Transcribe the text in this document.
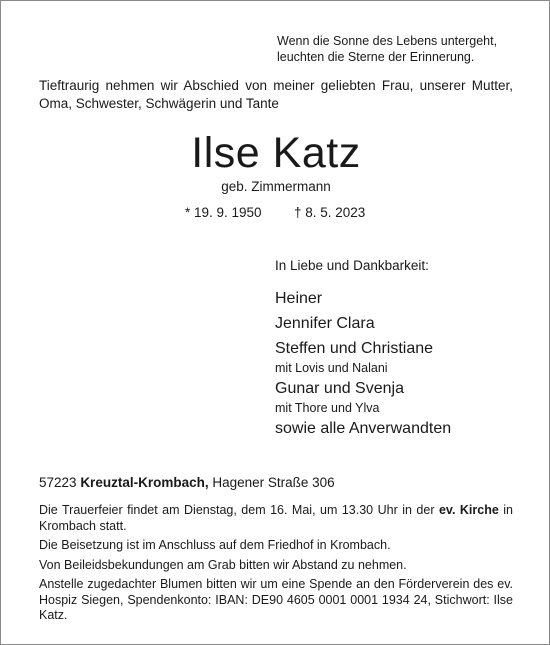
Wenn die Sonne des Lebens untergeht,
leuchten die Sterne der Erinnerung.

Tieftraurig nehmen wir Abschied von meiner geliebten Frau, unserer Mutter, Oma, Schwester, Schwägerin und Tante

Ilse Katz
geb. Zimmermann
* 19. 9. 1950 † 8. 5. 2023
In Liebe und Dankbarkeit:

Heiner

Jennifer Clara

Steffen und Christiane

mit Lovis und Nalani

Gunar und Svenja

mit Thore und Ylva

sowie alle Anverwandten

57223 Kreuztal-Krombach, Hagener Straße 306

Die Trauerfeier findet am Dienstag, dem 16. Mai, um 13.30 Uhr in der ev. Kirche in Krombach statt.

Die Beisetzung ist im Anschluss auf dem Friedhof in Krombach.

Von Beileidsbekundungen am Grab bitten wir Abstand zu nehmen.

Anstelle zugedachter Blumen bitten wir um eine Spende an den Förderverein des ev. Hospiz Siegen, Spendenkonto: IBAN: DE90 4605 0001 0001 1934 24, Stichwort: Ilse Katz.
